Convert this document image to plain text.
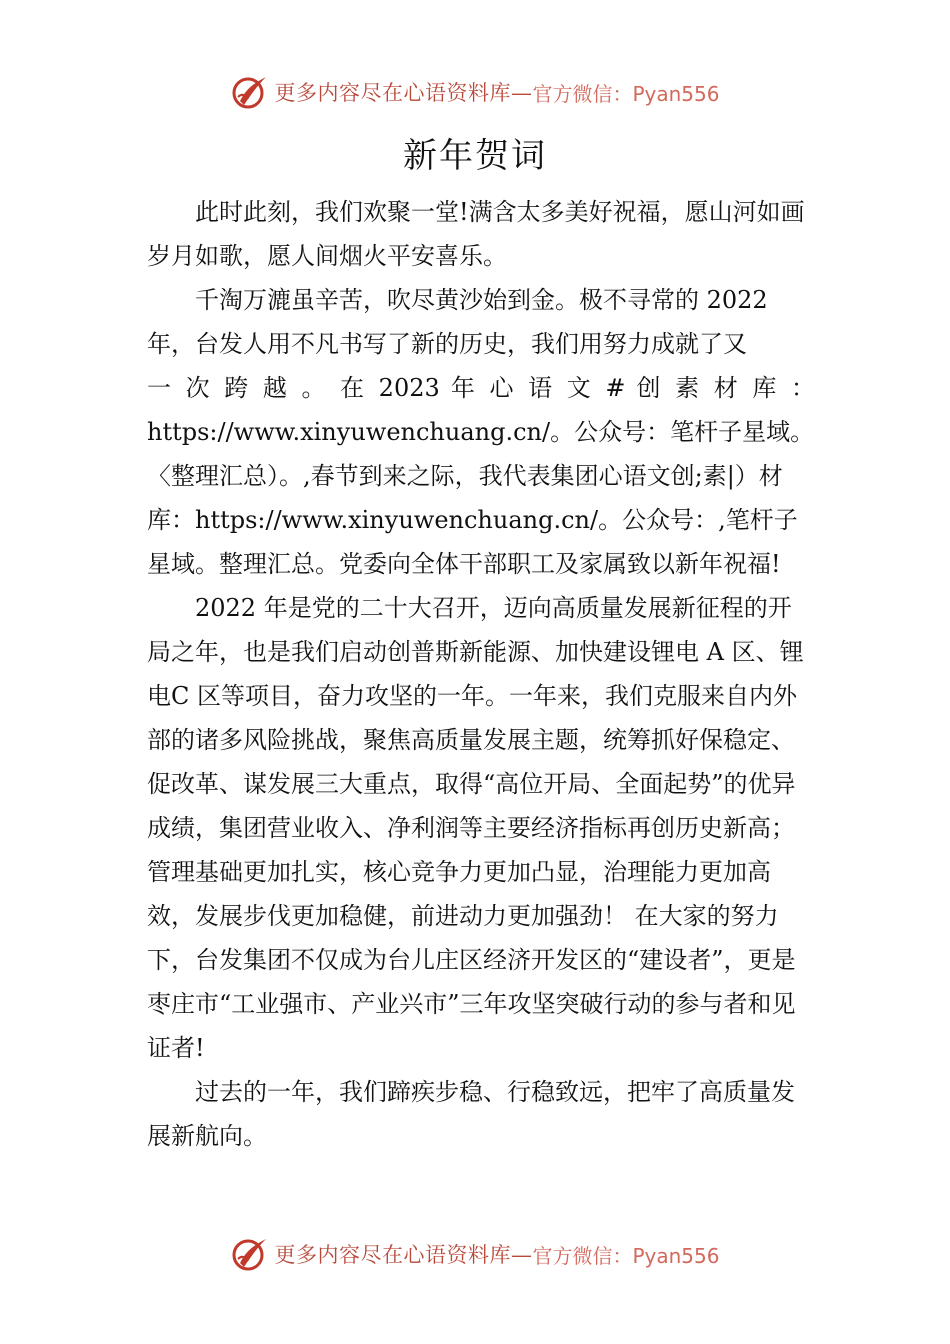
更多内容尽在心语资料库— 官方微信：Pyan556
新年贺词

此时此刻，我们欢聚一堂!满含太多美好祝福，愿山河如画岁月如歌，愿人间烟火平安喜乐。

千淘万漉虽辛苦，吹尽黄沙始到金。极不寻常的 2022 年，台发人用不凡书写了新的历史，我们用努力成就了又

一 次 跨 越 。 在 2023 年 心 语 文 # 创 素 材 库 ：

https://www.xinyuwenchuang.cn/。公众号：笔杆子星域。〈整理汇总）。,春节到来之际，我代表集团心语文创;素|）材库：https://www.xinyuwenchuang.cn/。公众号：,笔杆子星域。整理汇总。党委向全体干部职工及家属致以新年祝福!

2022 年是党的二十大召开，迈向高质量发展新征程的开局之年，也是我们启动创普斯新能源、加快建设锂电 A 区、锂电C 区等项目，奋力攻坚的一年。一年来，我们克服来自内外部的诸多风险挑战，聚焦高质量发展主题，统筹抓好保稳定、促改革、谋发展三大重点，取得“高位开局、全面起势”的优异成绩，集团营业收入、净利润等主要经济指标再创历史新高；管理基础更加扎实，核心竞争力更加凸显，治理能力更加高效，发展步伐更加稳健，前进动力更加强劲！ 在大家的努力下，台发集团不仅成为台儿庄区经济开发区的“建设者”，更是枣庄市“工业强市、产业兴市”三年攻坚突破行动的参与者和见证者!

过去的一年，我们蹄疾步稳、行稳致远，把牢了高质量发展新航向。

更多内容尽在心语资料库— 官方微信：Pyan556
